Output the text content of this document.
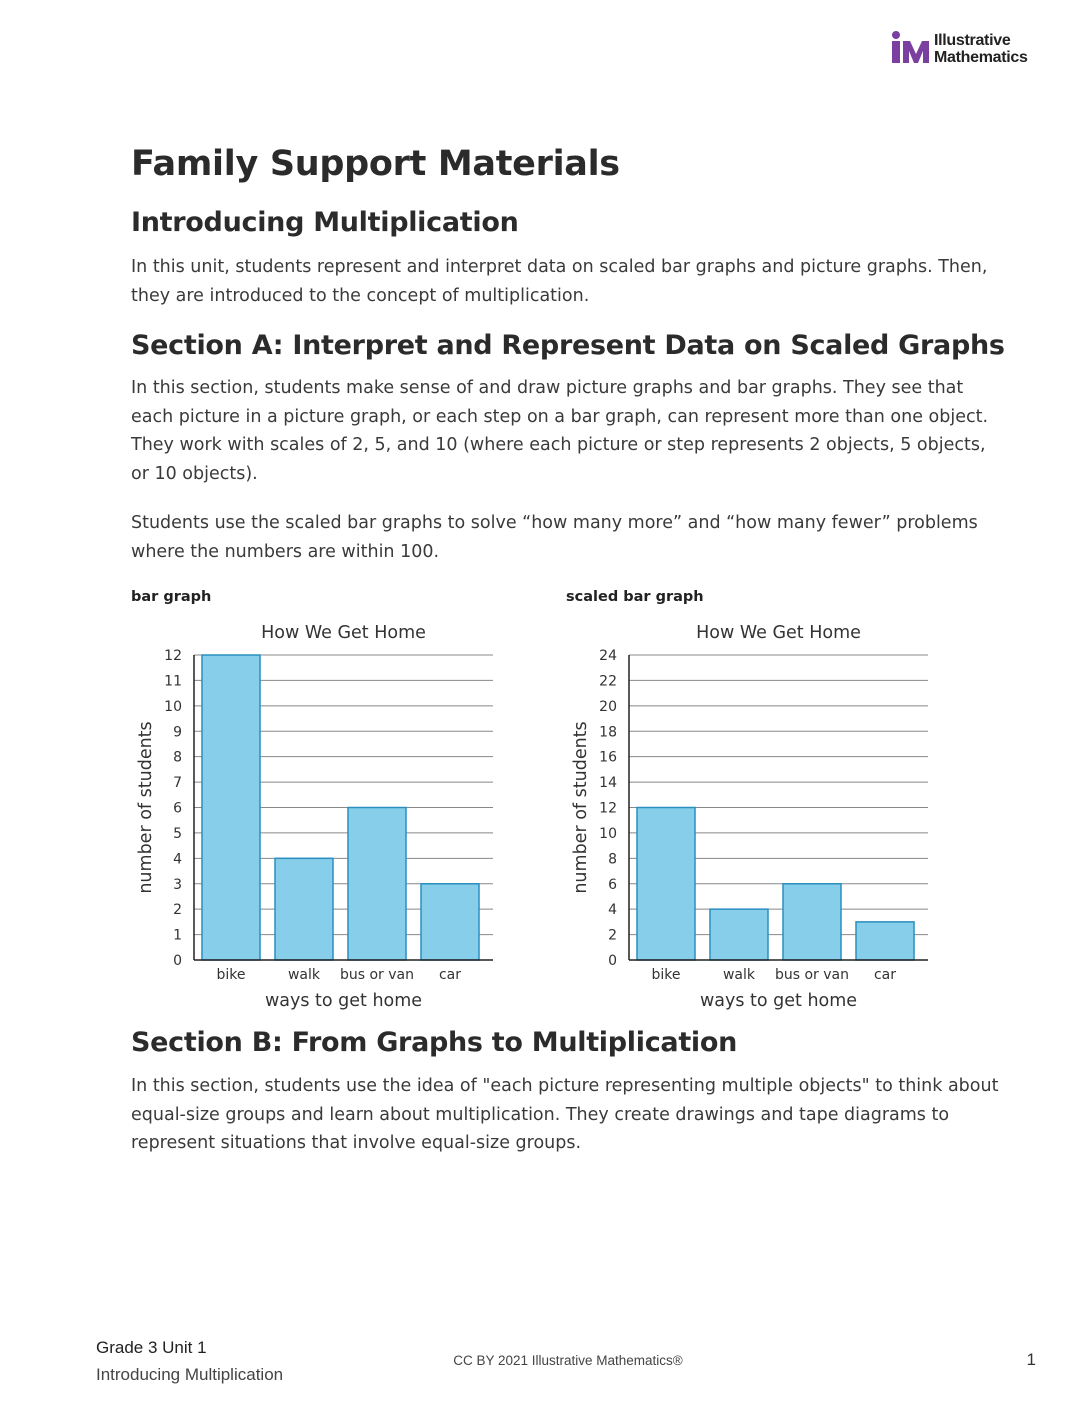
Illustrative
Mathematics
Family Support Materials
Introducing Multiplication

In this unit, students represent and interpret data on scaled bar graphs and picture graphs. Then, they are introduced to the concept of multiplication.

Section A: Interpret and Represent Data on Scaled Graphs

In this section, students make sense of and draw picture graphs and bar graphs. They see that each picture in a picture graph, or each step on a bar graph, can represent more than one object. They work with scales of 2, 5, and 10 (where each picture or step represents 2 objects, 5 objects, or 10 objects).

Students use the scaled bar graphs to solve “how many more” and “how many fewer” problems where the numbers are within 100.

bar graph	scaled bar graph
How We Get Home
0
1
2
3
4
5
6
7
8
9
10
11
12
bike	walk bus or van car
ways to get home
number of students
How We Get Home
0
2
4
6
8
10
12
14
16
18
20
22
24
bike	walk bus or van car
ways to get home
number of students
Section B: From Graphs to Multiplication

In this section, students use the idea of "each picture representing multiple objects" to think about equal-size groups and learn about multiplication. They create drawings and tape diagrams to represent situations that involve equal-size groups.

Grade 3 Unit 1
Introducing Multiplication
CC BY 2021 Illustrative Mathematics®	1
